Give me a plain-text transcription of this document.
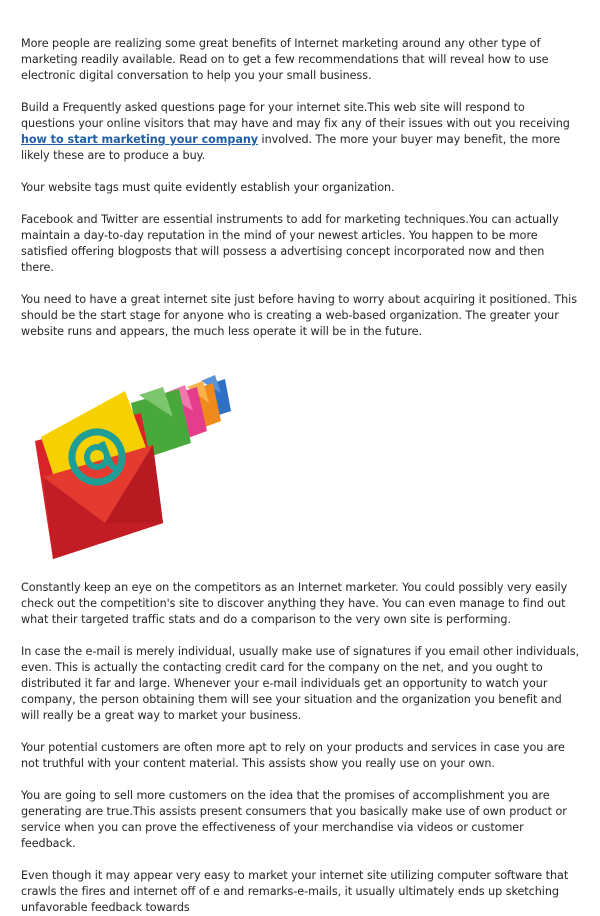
More people are realizing some great benefits of Internet marketing around any other type of marketing readily available. Read on to get a few recommendations that will reveal how to use electronic digital conversation to help you your small business.

Build a Frequently asked questions page for your internet site.This web site will respond to questions your online visitors that may have and may fix any of their issues with out you receiving how to start marketing your company involved. The more your buyer may benefit, the more likely these are to produce a buy.

Your website tags must quite evidently establish your organization.

Facebook and Twitter are essential instruments to add for marketing techniques.You can actually maintain a day-to-day reputation in the mind of your newest articles. You happen to be more satisfied offering blogposts that will possess a advertising concept incorporated now and then there.

You need to have a great internet site just before having to worry about acquiring it positioned. This should be the start stage for anyone who is creating a web-based organization. The greater your website runs and appears, the much less operate it will be in the future.

Constantly keep an eye on the competitors as an Internet marketer. You could possibly very easily check out the competition's site to discover anything they have. You can even manage to find out what their targeted traffic stats and do a comparison to the very own site is performing.

In case the e-mail is merely individual, usually make use of signatures if you email other individuals, even. This is actually the contacting credit card for the company on the net, and you ought to distributed it far and large. Whenever your e-mail individuals get an opportunity to watch your company, the person obtaining them will see your situation and the organization you benefit and will really be a great way to market your business.

Your potential customers are often more apt to rely on your products and services in case you are not truthful with your content material. This assists show you really use on your own.

You are going to sell more customers on the idea that the promises of accomplishment you are generating are true.This assists present consumers that you basically make use of own product or service when you can prove the effectiveness of your merchandise via videos or customer feedback.

Even though it may appear very easy to market your internet site utilizing computer software that crawls the fires and internet off of e and remarks-e-mails, it usually ultimately ends up sketching unfavorable feedback towards
